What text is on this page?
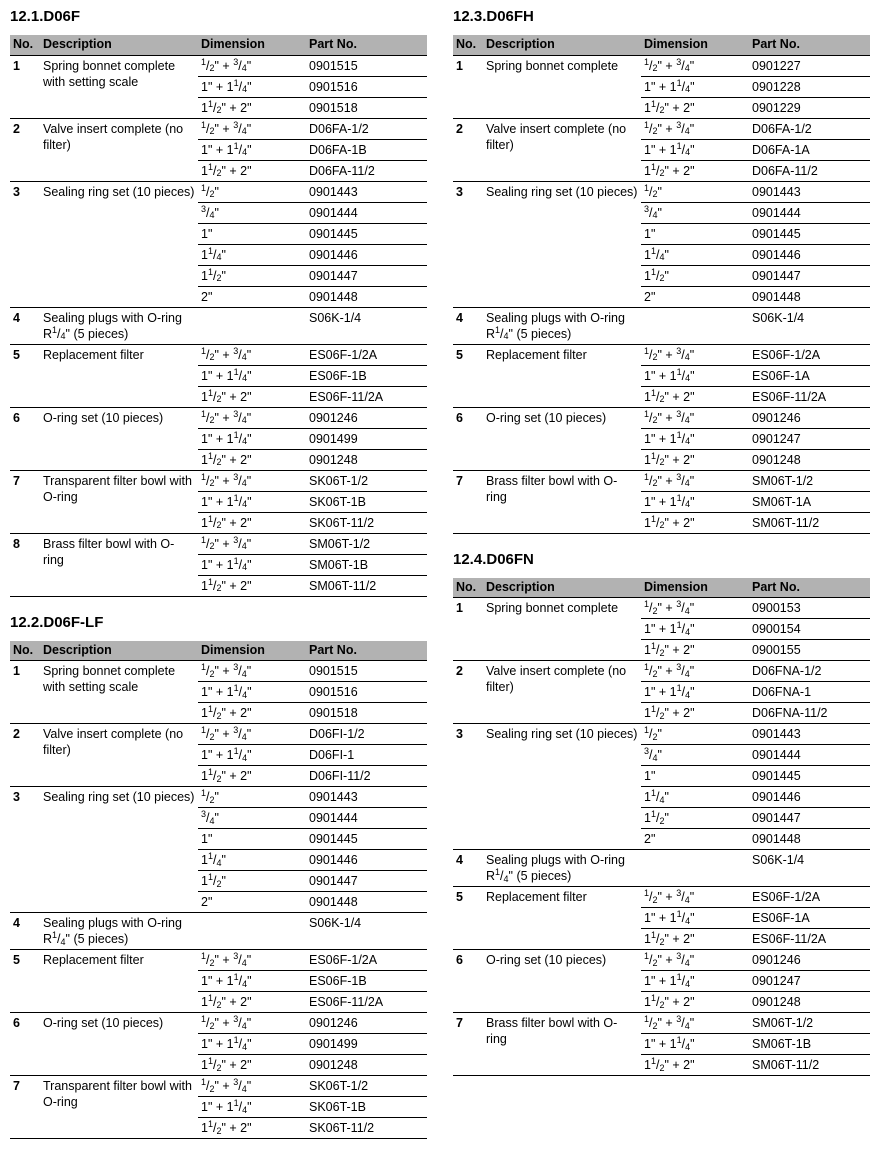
12.1.D06F
No.	Description	Dimension	Part No.
1	Spring bonnet complete with setting scale	$^1/_2$" + $^3/_4$"	0901515
		1" + $1^1/_4$"	0901516
		$1^1/_2$" + 2"	0901518
2	Valve insert complete (no filter)	$^1/_2$" + $^3/_4$"	D06FA-1/2
		1" + $1^1/_4$"	D06FA-1B
		$1^1/_2$" + 2"	D06FA-11/2
3	Sealing ring set (10 pieces)	$^1/_2$"	0901443
		$^3/_4$"	0901444
		1"	0901445
		$1^1/_4$"	0901446
		$1^1/_2$"	0901447
		2"	0901448
4	Sealing plugs with O-ring $R^1/_4$" (5 pieces)		S06K-1/4
5	Replacement filter	$^1/_2$" + $^3/_4$"	ES06F-1/2A
		1" + $1^1/_4$"	ES06F-1B
		$1^1/_2$" + 2"	ES06F-11/2A
6	O-ring set (10 pieces)	$^1/_2$" + $^3/_4$"	0901246
		1" + $1^1/_4$"	0901499
		$1^1/_2$" + 2"	0901248
7	Transparent filter bowl with O-ring	$^1/_2$" + $^3/_4$"	SK06T-1/2
		1" + $1^1/_4$"	SK06T-1B
		$1^1/_2$" + 2"	SK06T-11/2
8	Brass filter bowl with O-ring	$^1/_2$" + $^3/_4$"	SM06T-1/2
		1" + $1^1/_4$"	SM06T-1B
		$1^1/_2$" + 2"	SM06T-11/2
12.2.D06F-LF
No.	Description	Dimension	Part No.
1	Spring bonnet complete with setting scale	$^1/_2$" + $^3/_4$"	0901515
		1" + $1^1/_4$"	0901516
		$1^1/_2$" + 2"	0901518
2	Valve insert complete (no filter)	$^1/_2$" + $^3/_4$"	D06FI-1/2
		1" + $1^1/_4$"	D06FI-1
		$1^1/_2$" + 2"	D06FI-11/2
3	Sealing ring set (10 pieces)	$^1/_2$"	0901443
		$^3/_4$"	0901444
		1"	0901445
		$1^1/_4$"	0901446
		$1^1/_2$"	0901447
		2"	0901448
4	Sealing plugs with O-ring $R^1/_4$" (5 pieces)		S06K-1/4
5	Replacement filter	$^1/_2$" + $^3/_4$"	ES06F-1/2A
		1" + $1^1/_4$"	ES06F-1B
		$1^1/_2$" + 2"	ES06F-11/2A
6	O-ring set (10 pieces)	$^1/_2$" + $^3/_4$"	0901246
		1" + $1^1/_4$"	0901499
		$1^1/_2$" + 2"	0901248
7	Transparent filter bowl with O-ring	$^1/_2$" + $^3/_4$"	SK06T-1/2
		1" + $1^1/_4$"	SK06T-1B
		$1^1/_2$" + 2"	SK06T-11/2
12.3.D06FH
No.	Description	Dimension	Part No.
1	Spring bonnet complete	$^1/_2$" + $^3/_4$"	0901227
		1" + $1^1/_4$"	0901228
		$1^1/_2$" + 2"	0901229
2	Valve insert complete (no filter)	$^1/_2$" + $^3/_4$"	D06FA-1/2
		1" + $1^1/_4$"	D06FA-1A
		$1^1/_2$" + 2"	D06FA-11/2
3	Sealing ring set (10 pieces)	$^1/_2$"	0901443
		$^3/_4$"	0901444
		1"	0901445
		$1^1/_4$"	0901446
		$1^1/_2$"	0901447
		2"	0901448
4	Sealing plugs with O-ring $R^1/_4$" (5 pieces)		S06K-1/4
5	Replacement filter	$^1/_2$" + $^3/_4$"	ES06F-1/2A
		1" + $1^1/_4$"	ES06F-1A
		$1^1/_2$" + 2"	ES06F-11/2A
6	O-ring set (10 pieces)	$^1/_2$" + $^3/_4$"	0901246
		1" + $1^1/_4$"	0901247
		$1^1/_2$" + 2"	0901248
7	Brass filter bowl with O-ring	$^1/_2$" + $^3/_4$"	SM06T-1/2
		1" + $1^1/_4$"	SM06T-1A
		$1^1/_2$" + 2"	SM06T-11/2
12.4.D06FN
No.	Description	Dimension	Part No.
1	Spring bonnet complete	$^1/_2$" + $^3/_4$"	0900153
		1" + $1^1/_4$"	0900154
		$1^1/_2$" + 2"	0900155
2	Valve insert complete (no filter)	$^1/_2$" + $^3/_4$"	D06FNA-1/2
		1" + $1^1/_4$"	D06FNA-1
		$1^1/_2$" + 2"	D06FNA-11/2
3	Sealing ring set (10 pieces)	$^1/_2$"	0901443
		$^3/_4$"	0901444
		1"	0901445
		$1^1/_4$"	0901446
		$1^1/_2$"	0901447
		2"	0901448
4	Sealing plugs with O-ring $R^1/_4$" (5 pieces)		S06K-1/4
5	Replacement filter	$^1/_2$" + $^3/_4$"	ES06F-1/2A
		1" + $1^1/_4$"	ES06F-1A
		$1^1/_2$" + 2"	ES06F-11/2A
6	O-ring set (10 pieces)	$^1/_2$" + $^3/_4$"	0901246
		1" + $1^1/_4$"	0901247
		$1^1/_2$" + 2"	0901248
7	Brass filter bowl with O-ring	$^1/_2$" + $^3/_4$"	SM06T-1/2
		1" + $1^1/_4$"	SM06T-1B
		$1^1/_2$" + 2"	SM06T-11/2
